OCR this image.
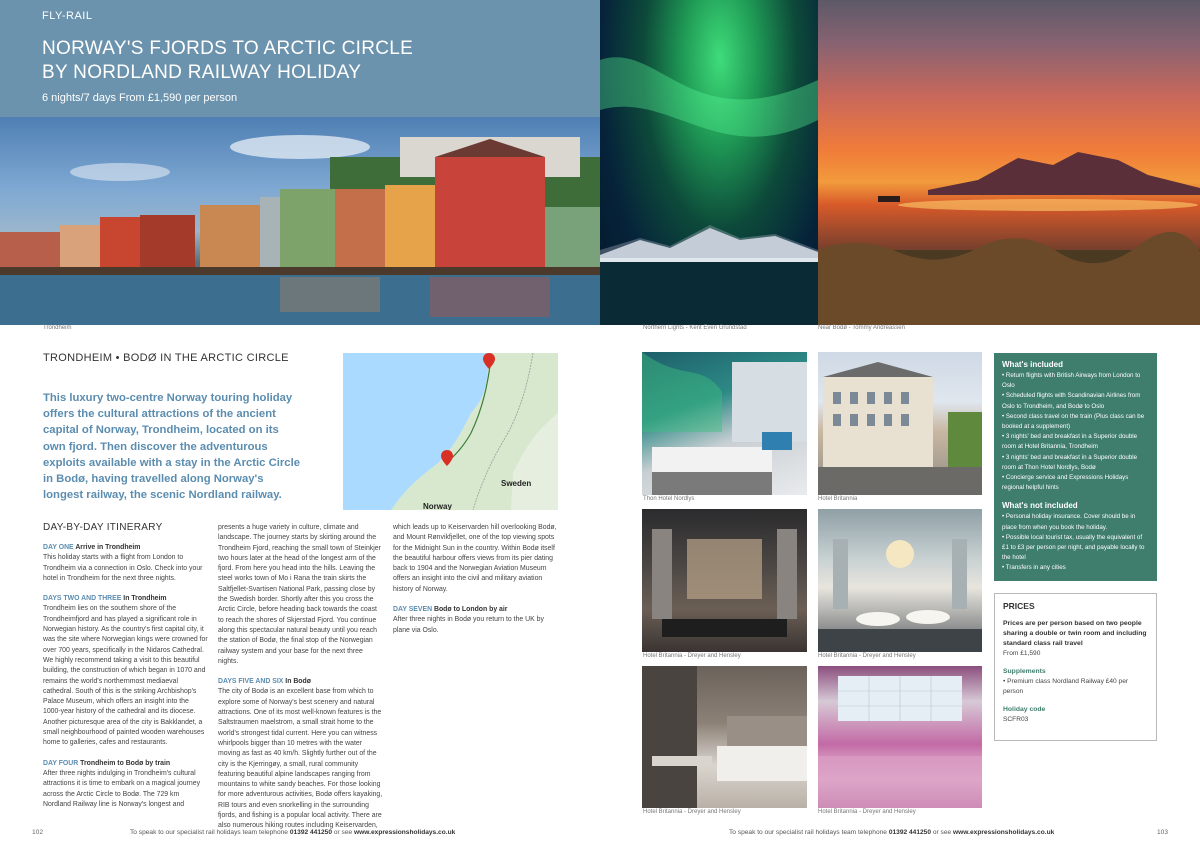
FLY-RAIL
NORWAY'S FJORDS TO ARCTIC CIRCLE
BY NORDLAND RAILWAY HOLIDAY
6 nights/7 days From £1,590 per person
Trondheim	Northern Lights - Kent Even Grundstad	Near Bodø - Tommy Andreassen
TRONDHEIM • BODØ IN THE ARCTIC CIRCLE
This luxury two-centre Norway touring holiday offers the cultural attractions of the ancient capital of Norway, Trondheim, located on its own fjord. Then discover the adventurous exploits available with a stay in the Arctic Circle in Bodø, having travelled along Norway's longest railway, the scenic Nordland railway.
Norway
Sweden
DAY-BY-DAY ITINERARY
DAY ONE Arrive in Trondheim
This holiday starts with a flight from London to Trondheim via a connection in Oslo. Check into your hotel in Trondheim for the next three nights.
DAYS TWO AND THREE In Trondheim
Trondheim lies on the southern shore of the Trondheimfjord and has played a significant role in Norwegian history. As the country's first capital city, it was the site where Norwegian kings were crowned for over 700 years, specifically in the Nidaros Cathedral. We highly recommend taking a visit to this beautiful building, the construction of which began in 1070 and remains the world's northernmost mediaeval cathedral. South of this is the striking Archbishop's Palace Museum, which offers an insight into the 1000-year history of the cathedral and its diocese. Another picturesque area of the city is Bakklandet, a small neighbourhood of painted wooden warehouses home to galleries, cafes and restaurants.
DAY FOUR Trondheim to Bodø by train
After three nights indulging in Trondheim's cultural attractions it is time to embark on a magical journey across the Arctic Circle to Bodø. The 729 km Nordland Railway line is Norway's longest and
presents a huge variety in culture, climate and landscape. The journey starts by skirting around the Trondheim Fjord, reaching the small town of Steinkjer two hours later at the head of the longest arm of the fjord. From here you head into the hills. Leaving the steel works town of Mo i Rana the train skirts the Saltfjellet-Svartisen National Park, passing close by the Swedish border. Shortly after this you cross the Arctic Circle, before heading back towards the coast to reach the shores of Skjerstad Fjord. You continue along this spectacular natural beauty until you reach the station of Bodø, the final stop of the Norwegian railway system and your base for the next three nights.
DAYS FIVE AND SIX In Bodø
The city of Bodø is an excellent base from which to explore some of Norway's best scenery and natural attractions. One of its most well-known features is the Saltstraumen maelstrom, a small strait home to the world's strongest tidal current. Here you can witness whirlpools bigger than 10 metres with the water moving as fast as 40 km/h. Slightly further out of the city is the Kjerringøy, a small, rural community featuring beautiful alpine landscapes ranging from mountains to white sandy beaches. For those looking for more adventurous activities, Bodø offers kayaking, RIB tours and even snorkelling in the surrounding fjords, and fishing is a popular local activity. There are also numerous hiking routes including Keiservarden,
which leads up to Keiservarden hill overlooking Bodø, and Mount Rønvikfjellet, one of the top viewing spots for the Midnight Sun in the country. Within Bodø itself the beautiful harbour offers views from its pier dating back to 1904 and the Norwegian Aviation Museum offers an insight into the civil and military aviation history of Norway.
DAY SEVEN Bodø to London by air
After three nights in Bodø you return to the UK by plane via Oslo.
Thon Hotel Nordlys	Hotel Britannia
Hotel Britannia - Dreyer and Hensley	Hotel Britannia - Dreyer and Hensley
Hotel Britannia - Dreyer and Hensley	Hotel Britannia - Dreyer and Hensley
What's included
• Return flights with British Airways from London to Oslo
• Scheduled flights with Scandinavian Airlines from Oslo to Trondheim, and Bodø to Oslo
• Second class travel on the train (Plus class can be booked at a supplement)
• 3 nights' bed and breakfast in a Superior double room at Hotel Britannia, Trondheim
• 3 nights' bed and breakfast in a Superior double room at Thon Hotel Nordlys, Bodø
• Concierge service and Expressions Holidays regional helpful hints
What's not included
• Personal holiday insurance. Cover should be in place from when you book the holiday.
• Possible local tourist tax, usually the equivalent of £1 to £3 per person per night, and payable locally to the hotel
• Transfers in any cities
PRICES
Prices are per person based on two people sharing a double or twin room and including standard class rail travel
From £1,590
Supplements
• Premium class Nordland Railway £40 per person
Holiday code
SCFR03
102	To speak to our specialist rail holidays team telephone 01392 441250 or see www.expressionsholidays.co.uk	To speak to our specialist rail holidays team telephone 01392 441250 or see www.expressionsholidays.co.uk	103
